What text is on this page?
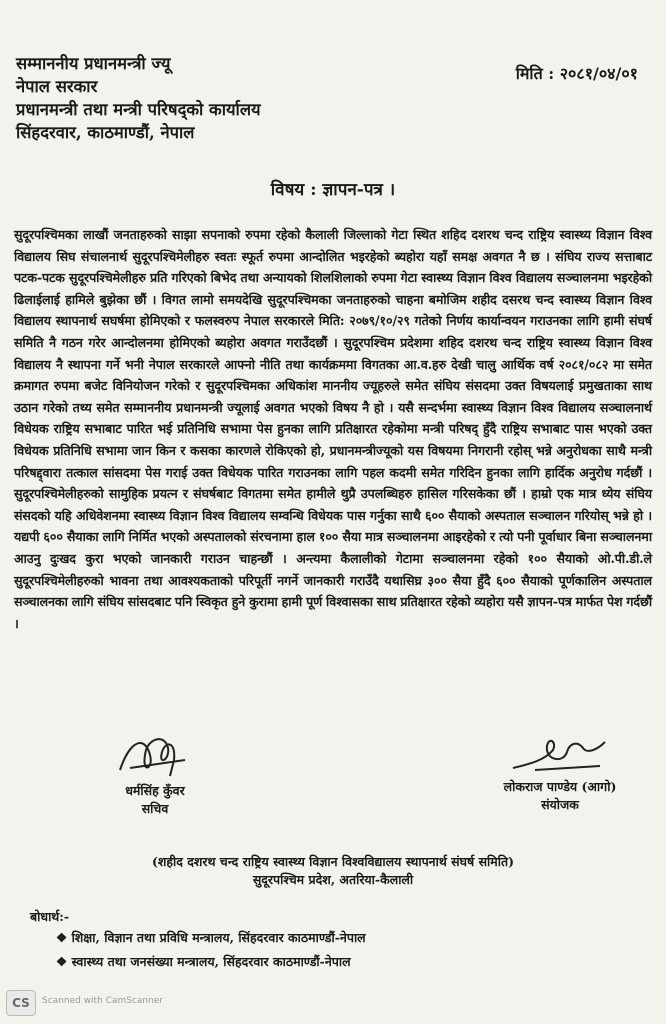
सम्माननीय प्रधानमन्त्री ज्यू
नेपाल सरकार
प्रधानमन्त्री तथा मन्त्री परिषद्को कार्यालय
सिंहदरवार, काठमाण्डौं, नेपाल
मिति : २०८१/०४/०१
विषय : ज्ञापन-पत्र ।
सुदूरपश्चिमका लाखौं जनताहरुको साझा सपनाको रुपमा रहेको कैलाली जिल्लाको गेटा स्थित शहिद दशरथ चन्द राष्ट्रिय स्वास्थ्य विज्ञान विश्व विद्यालय सिघ संचालनार्थ सुदूरपश्चिमेलीहरु स्वतः स्फूर्त रुपमा आन्दोलित भइरहेको ब्यहोरा यहाँ समक्ष अवगत नै छ । संघिय राज्य सत्ताबाट पटक-पटक सुदूरपश्चिमेलीहरु प्रति गरिएको बिभेद तथा अन्यायको शिलशिलाको रुपमा गेटा स्वास्थ्य विज्ञान विश्व विद्यालय सञ्चालनमा भइरहेको ढिलाईलाई हामिले बुझेका छौं । विगत लामो समयदेखि सुदूरपश्चिमका जनताहरुको चाहना बमोजिम शहीद दसरथ चन्द स्वास्थ्य विज्ञान विश्व विद्यालय स्थापनार्थ सघर्षमा होमिएको र फलस्वरुप नेपाल सरकारले मिति: २०७९/१०/२९ गतेको निर्णय कार्यान्वयन गराउनका लागि हामी संघर्ष समिति नै गठन गरेर आन्दोलनमा होमिएको ब्यहोरा अवगत गराउँदछौं । सुदूरपश्चिम प्रदेशमा शहिद दशरथ चन्द राष्ट्रिय स्वास्थ्य विज्ञान विश्व विद्यालय नै स्थापना गर्ने भनी नेपाल सरकारले आफ्नो नीति तथा कार्यक्रममा विगतका आ.व.हरु देखी चालु आर्थिक वर्ष २०८१/०८२ मा समेत क्रमागत रुपमा बजेट विनियोजन गरेको र सुदूरपश्चिमका अधिकांश माननीय ज्यूहरुले समेत संघिय संसदमा उक्त विषयलाई प्रमुखताका साथ उठान गरेको तथ्य समेत सम्माननीय प्रधानमन्त्री ज्यूलाई अवगत भएको विषय नै हो । यसै सन्दर्भमा स्वास्थ्य विज्ञान विश्व विद्यालय सञ्चालनार्थ विधेयक राष्ट्रिय सभाबाट पारित भई प्रतिनिधि सभामा पेस हुनका लागि प्रतिक्षारत रहेकोमा मन्त्री परिषद् हुँदै राष्ट्रिय सभाबाट पास भएको उक्त विधेयक प्रतिनिधि सभामा जान किन र कसका कारणले रोकिएको हो, प्रधानमन्त्रीज्यूको यस विषयमा निगरानी रहोस् भन्ने अनुरोधका साथै मन्त्री परिषद्द्वारा तत्काल सांसदमा पेस गराई उक्त विधेयक पारित गराउनका लागि पहल कदमी समेत गरिदिन हुनका लागि हार्दिक अनुरोध गर्दछौं । सुदूरपश्चिमेलीहरुको सामुहिक प्रयत्न र संघर्षबाट विगतमा समेत हामीले थुप्रै उपलब्धिहरु हासिल गरिसकेका छौं । हाम्रो एक मात्र ध्येय संघिय संसदको यहि अधिवेशनमा स्वास्थ्य विज्ञान विश्व विद्यालय सम्वन्धि विधेयक पास गर्नुका साथै ६०० सैयाको अस्पताल सञ्चालन गरियोस् भन्ने हो । यद्यपी ६०० सैयाका लागि निर्मित भएको अस्पतालको संरचनामा हाल १०० सैया मात्र सञ्चालनमा आइरहेको र त्यो पनी पूर्वाधार बिना सञ्चालनमा आउनु दुःखद कुरा भएको जानकारी गराउन चाहन्छौं । अन्त्यमा कैलालीको गेटामा सञ्चालनमा रहेको १०० सैयाको ओ.पी.डी.ले सुदूरपश्चिमेलीहरुको भावना तथा आवश्यकताको परिपूर्ती नगर्ने जानकारी गराउँदै यथासिघ्र ३०० सैया हुँदै ६०० सैयाको पूर्णकालिन अस्पताल सञ्चालनका लागि संघिय सांसदबाट पनि स्विकृत हुने कुरामा हामी पूर्ण विश्वासका साथ प्रतिक्षारत रहेको व्यहोरा यसै ज्ञापन-पत्र मार्फत पेश गर्दछौं ।
धर्मसिंह कुँवर
सचिव
लोकराज पाण्डेय (आगो)
संयोजक
(शहीद दशरथ चन्द राष्ट्रिय स्वास्थ्य विज्ञान विश्वविद्यालय स्थापनार्थ संघर्ष समिति)
सुदूरपश्चिम प्रदेश, अतरिया-कैलाली
बोधार्थ:-
❖ शिक्षा, विज्ञान तथा प्रविधि मन्त्रालय, सिंहदरवार काठमाण्डौं-नेपाल
❖ स्वास्थ्य तथा जनसंख्या मन्त्रालय, सिंहदरवार काठमाण्डौं-नेपाल
CS	Scanned with CamScanner
